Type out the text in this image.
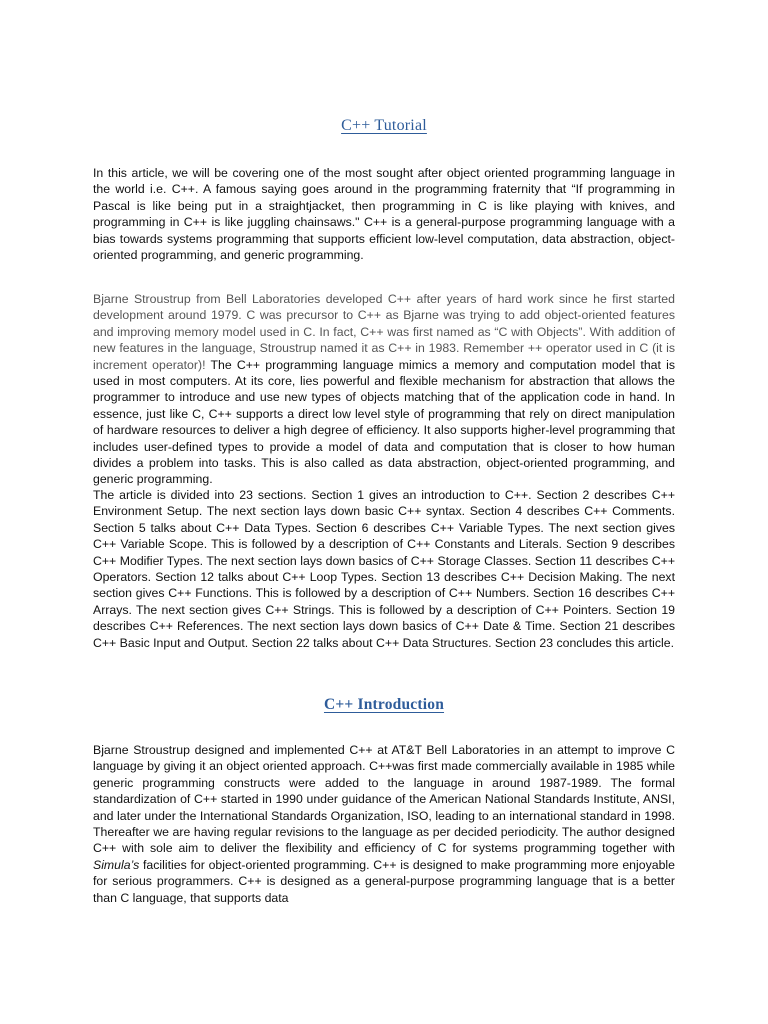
C++ Tutorial

In this article, we will be covering one of the most sought after object oriented programming language in the world i.e. C++. A famous saying goes around in the programming fraternity that “If programming in Pascal is like being put in a straightjacket, then programming in C is like playing with knives, and programming in C++ is like juggling chainsaws." C++ is a general-purpose programming language with a bias towards systems programming that supports efficient low-level computation, data abstraction, object-oriented programming, and generic programming.

Bjarne Stroustrup from Bell Laboratories developed C++ after years of hard work since he first started development around 1979. C was precursor to C++ as Bjarne was trying to add object-oriented features and improving memory model used in C. In fact, C++ was first named as “C with Objects”. With addition of new features in the language, Stroustrup named it as C++ in 1983. Remember ++ operator used in C (it is increment operator)! The C++ programming language mimics a memory and computation model that is used in most computers. At its core, lies powerful and flexible mechanism for abstraction that allows the programmer to introduce and use new types of objects matching that of the application code in hand. In essence, just like C, C++ supports a direct low level style of programming that rely on direct manipulation of hardware resources to deliver a high degree of efficiency. It also supports higher-level programming that includes user-defined types to provide a model of data and computation that is closer to how human divides a problem into tasks. This is also called as data abstraction, object-oriented programming, and generic programming.

The article is divided into 23 sections. Section 1 gives an introduction to C++. Section 2 describes C++ Environment Setup. The next section lays down basic C++ syntax. Section 4 describes C++ Comments. Section 5 talks about C++ Data Types. Section 6 describes C++ Variable Types. The next section gives C++ Variable Scope. This is followed by a description of C++ Constants and Literals. Section 9 describes C++ Modifier Types. The next section lays down basics of C++ Storage Classes. Section 11 describes C++ Operators. Section 12 talks about C++ Loop Types. Section 13 describes C++ Decision Making. The next section gives C++ Functions. This is followed by a description of C++ Numbers. Section 16 describes C++ Arrays. The next section gives C++ Strings. This is followed by a description of C++ Pointers. Section 19 describes C++ References. The next section lays down basics of C++ Date & Time. Section 21 describes C++ Basic Input and Output. Section 22 talks about C++ Data Structures. Section 23 concludes this article.

C++ Introduction

Bjarne Stroustrup designed and implemented C++ at AT&T Bell Laboratories in an attempt to improve C language by giving it an object oriented approach. C++was first made commercially available in 1985 while generic programming constructs were added to the language in around 1987-1989. The formal standardization of C++ started in 1990 under guidance of the American National Standards Institute, ANSI, and later under the International Standards Organization, ISO, leading to an international standard in 1998. Thereafter we are having regular revisions to the language as per decided periodicity. The author designed C++ with sole aim to deliver the flexibility and efficiency of C for systems programming together with Simula’s facilities for object-oriented programming. C++ is designed to make programming more enjoyable for serious programmers. C++ is designed as a general-purpose programming language that is a better than C language, that supports data
